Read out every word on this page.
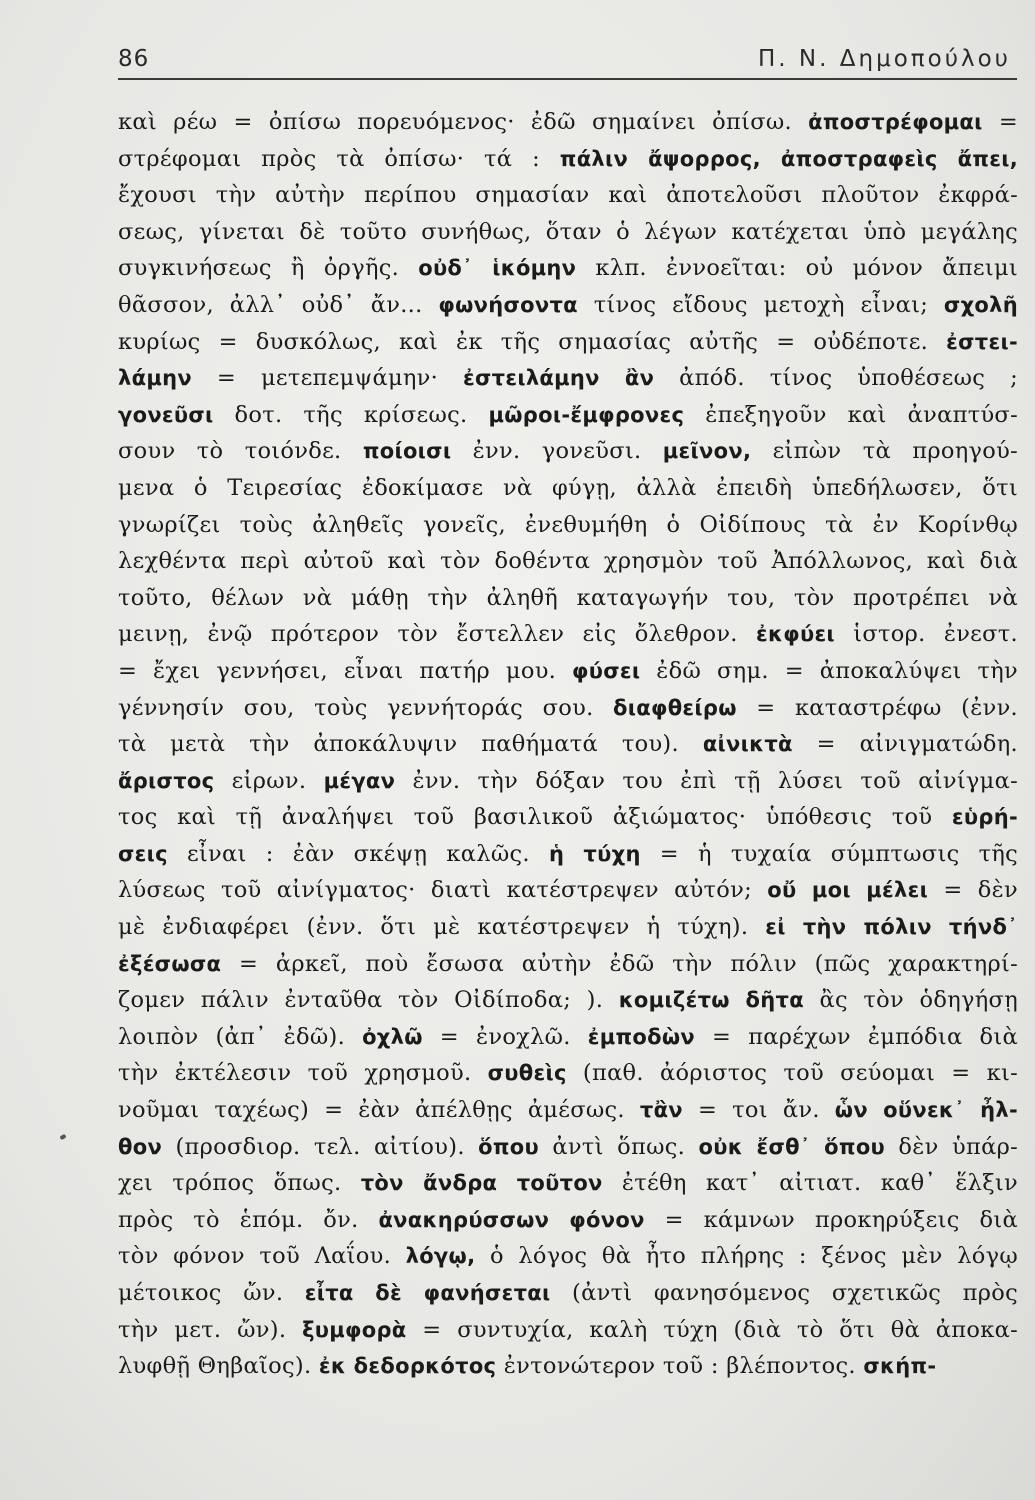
86	Π. Ν. Δημοπούλου
καὶ ρέω = ὀπίσω πορευόμενος· ἐδῶ σημαίνει ὀπίσω. ἀποστρέφομαι =
στρέφομαι πρὸς τὰ ὀπίσω· τά : πάλιν ἄψορρος, ἀποστραφεὶς ἄπει,
ἔχουσι τὴν αὐτὴν περίπου σημασίαν καὶ ἀποτελοῦσι πλοῦτον ἐκφρά-
σεως, γίνεται δὲ τοῦτο συνήθως, ὅταν ὁ λέγων κατέχεται ὑπὸ μεγάλης
συγκινήσεως ἢ ὀργῆς. οὐδ᾽ ἱκόμην κλπ. ἐννοεῖται: οὐ μόνον ἄπειμι
θᾶσσον, ἀλλ᾽ οὐδ᾽ ἄν... φωνήσοντα τίνος εἴδους μετοχὴ εἶναι; σχολῆ
κυρίως = δυσκόλως, καὶ ἐκ τῆς σημασίας αὐτῆς = οὐδέποτε. ἐστει-
λάμην = μετεπεμψάμην· ἐστειλάμην ἂν ἀπόδ. τίνος ὑποθέσεως ;
γονεῦσι δοτ. τῆς κρίσεως. μῶροι-ἔμφρονες ἐπεξηγοῦν καὶ ἀναπτύσ-
σουν τὸ τοιόνδε. ποίοισι ἐνν. γονεῦσι. μεῖνον, εἰπὼν τὰ προηγού-
μενα ὁ Τειρεσίας ἐδοκίμασε νὰ φύγῃ, ἀλλὰ ἐπειδὴ ὑπεδήλωσεν, ὅτι
γνωρίζει τοὺς ἀληθεῖς γονεῖς, ἐνεθυμήθη ὁ Οἰδίπους τὰ ἐν Κορίνθῳ
λεχθέντα περὶ αὐτοῦ καὶ τὸν δοθέντα χρησμὸν τοῦ Ἀπόλλωνος, καὶ διὰ
τοῦτο, θέλων νὰ μάθῃ τὴν ἀληθῆ καταγωγήν του, τὸν προτρέπει νὰ
μεινῃ, ἐνῷ πρότερον τὸν ἔστελλεν εἰς ὄλεθρον. ἐκφύει ἱστορ. ἐνεστ.
= ἔχει γεννήσει, εἶναι πατήρ μου. φύσει ἐδῶ σημ. = ἀποκαλύψει τὴν
γέννησίν σου, τοὺς γεννήτοράς σου. διαφθείρω = καταστρέφω (ἐνν.
τὰ μετὰ τὴν ἀποκάλυψιν παθήματά του). αἰνικτὰ = αἰνιγματώδη.
ἄριστος εἰρων. μέγαν ἐνν. τὴν δόξαν του ἐπὶ τῇ λύσει τοῦ αἰνίγμα-
τος καὶ τῇ ἀναλήψει τοῦ βασιλικοῦ ἀξιώματος· ὑπόθεσις τοῦ εὑρή-
σεις εἶναι : ἐὰν σκέψῃ καλῶς. ἡ τύχη = ἡ τυχαία σύμπτωσις τῆς
λύσεως τοῦ αἰνίγματος· διατὶ κατέστρεψεν αὐτόν; οὔ μοι μέλει = δὲν
μὲ ἐνδιαφέρει (ἐνν. ὅτι μὲ κατέστρεψεν ἡ τύχη). εἰ τὴν πόλιν τήνδ᾽
ἐξέσωσα = ἀρκεῖ, ποὺ ἔσωσα αὐτὴν ἐδῶ τὴν πόλιν (πῶς χαρακτηρί-
ζομεν πάλιν ἐνταῦθα τὸν Οἰδίποδα; ). κομιζέτω δῆτα ἂς τὸν ὁδηγήσῃ
λοιπὸν (ἀπ᾽ ἐδῶ). ὀχλῶ = ἐνοχλῶ. ἐμποδὼν = παρέχων ἐμπόδια διὰ
τὴν ἐκτέλεσιν τοῦ χρησμοῦ. συθεὶς (παθ. ἀόριστος τοῦ σεύομαι = κι-
νοῦμαι ταχέως) = ἐὰν ἀπέλθῃς ἀμέσως. τἂν = τοι ἄν. ὧν οὕνεκ᾽ ἦλ-
θον (προσδιορ. τελ. αἰτίου). ὅπου ἀντὶ ὅπως. οὐκ ἔσθ᾽ ὅπου δὲν ὑπάρ-
χει τρόπος ὅπως. τὸν ἄνδρα τοῦτον ἐτέθη κατ᾽ αἰτιατ. καθ᾽ ἕλξιν
πρὸς τὸ ἑπόμ. ὄν. ἀνακηρύσσων φόνον = κάμνων προκηρύξεις διὰ
τὸν φόνον τοῦ Λαΐου. λόγῳ, ὁ λόγος θὰ ἦτο πλήρης : ξένος μὲν λόγῳ
μέτοικος ὤν. εἶτα δὲ φανήσεται (ἀντὶ φανησόμενος σχετικῶς πρὸς
τὴν μετ. ὤν). ξυμφορὰ = συντυχία, καλὴ τύχη (διὰ τὸ ὅτι θὰ ἀποκα-
λυφθῇ Θηβαῖος). ἐκ δεδορκότος ἐντονώτερον τοῦ : βλέποντος. σκήπ-
